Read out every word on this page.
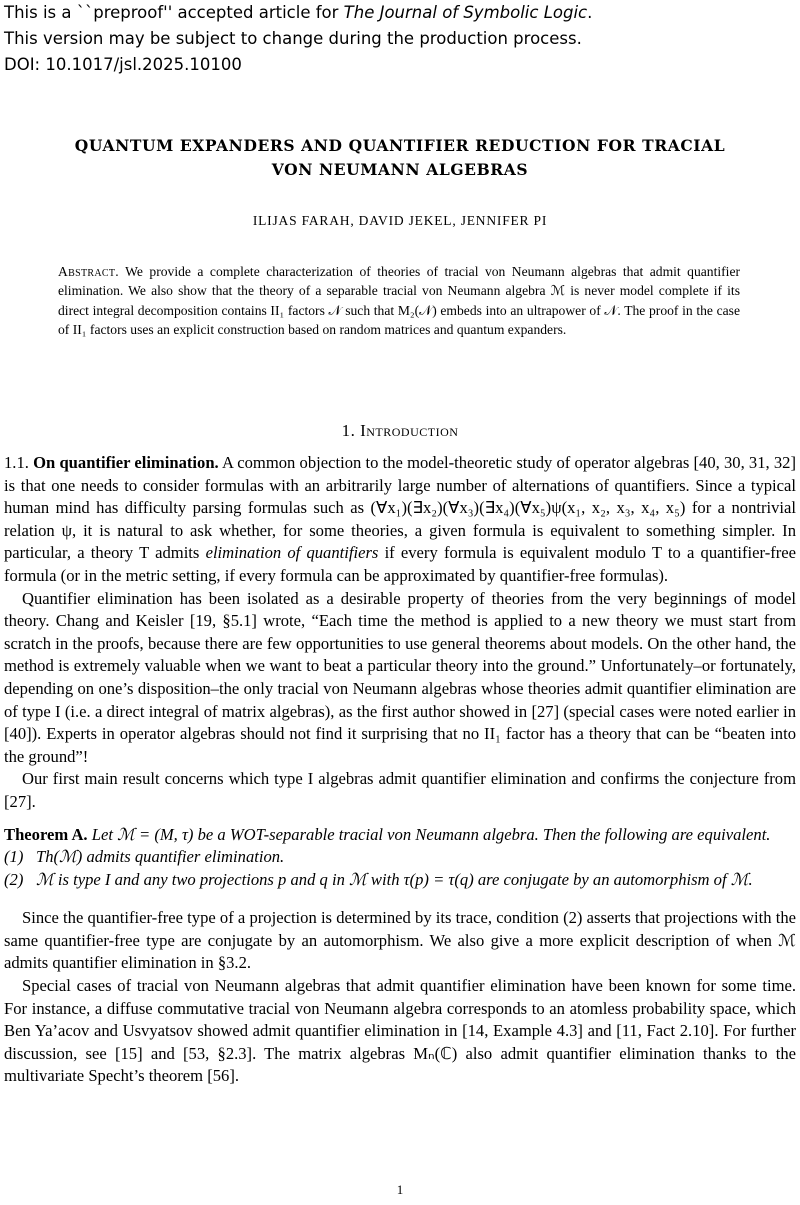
This is a ``preproof'' accepted article for The Journal of Symbolic Logic.
This version may be subject to change during the production process.
DOI: 10.1017/jsl.2025.10100
QUANTUM EXPANDERS AND QUANTIFIER REDUCTION FOR TRACIAL
VON NEUMANN ALGEBRAS
ILIJAS FARAH, DAVID JEKEL, JENNIFER PI
Abstract. We provide a complete characterization of theories of tracial von Neumann algebras that admit quantifier elimination. We also show that the theory of a separable tracial von Neumann algebra ℳ is never model complete if its direct integral decomposition contains II₁ factors 𝒩 such that M₂(𝒩) embeds into an ultrapower of 𝒩. The proof in the case of II₁ factors uses an explicit construction based on random matrices and quantum expanders.
1. Introduction

1.1. On quantifier elimination. A common objection to the model-theoretic study of operator algebras [40, 30, 31, 32] is that one needs to consider formulas with an arbitrarily large number of alternations of quantifiers. Since a typical human mind has difficulty parsing formulas such as (∀x₁)(∃x₂)(∀x₃)(∃x₄)(∀x₅)ψ(x₁, x₂, x₃, x₄, x₅) for a nontrivial relation ψ, it is natural to ask whether, for some theories, a given formula is equivalent to something simpler. In particular, a theory T admits elimination of quantifiers if every formula is equivalent modulo T to a quantifier-free formula (or in the metric setting, if every formula can be approximated by quantifier-free formulas).

Quantifier elimination has been isolated as a desirable property of theories from the very beginnings of model theory. Chang and Keisler [19, §5.1] wrote, “Each time the method is applied to a new theory we must start from scratch in the proofs, because there are few opportunities to use general theorems about models. On the other hand, the method is extremely valuable when we want to beat a particular theory into the ground.” Unfortunately–or fortunately, depending on one’s disposition–the only tracial von Neumann algebras whose theories admit quantifier elimination are of type I (i.e. a direct integral of matrix algebras), as the first author showed in [27] (special cases were noted earlier in [40]). Experts in operator algebras should not find it surprising that no II₁ factor has a theory that can be “beaten into the ground”!

Our first main result concerns which type I algebras admit quantifier elimination and confirms the conjecture from [27].

Theorem A. Let ℳ = (M, τ) be a WOT-separable tracial von Neumann algebra. Then the following are equivalent.

(1) Th(ℳ) admits quantifier elimination.
(2) ℳ is type I and any two projections p and q in ℳ with τ(p) = τ(q) are conjugate by an automorphism of ℳ.

Since the quantifier-free type of a projection is determined by its trace, condition (2) asserts that projections with the same quantifier-free type are conjugate by an automorphism. We also give a more explicit description of when ℳ admits quantifier elimination in §3.2.

Special cases of tracial von Neumann algebras that admit quantifier elimination have been known for some time. For instance, a diffuse commutative tracial von Neumann algebra corresponds to an atomless probability space, which Ben Ya’acov and Usvyatsov showed admit quantifier elimination in [14, Example 4.3] and [11, Fact 2.10]. For further discussion, see [15] and [53, §2.3]. The matrix algebras Mₙ(ℂ) also admit quantifier elimination thanks to the multivariate Specht’s theorem [56].

1
